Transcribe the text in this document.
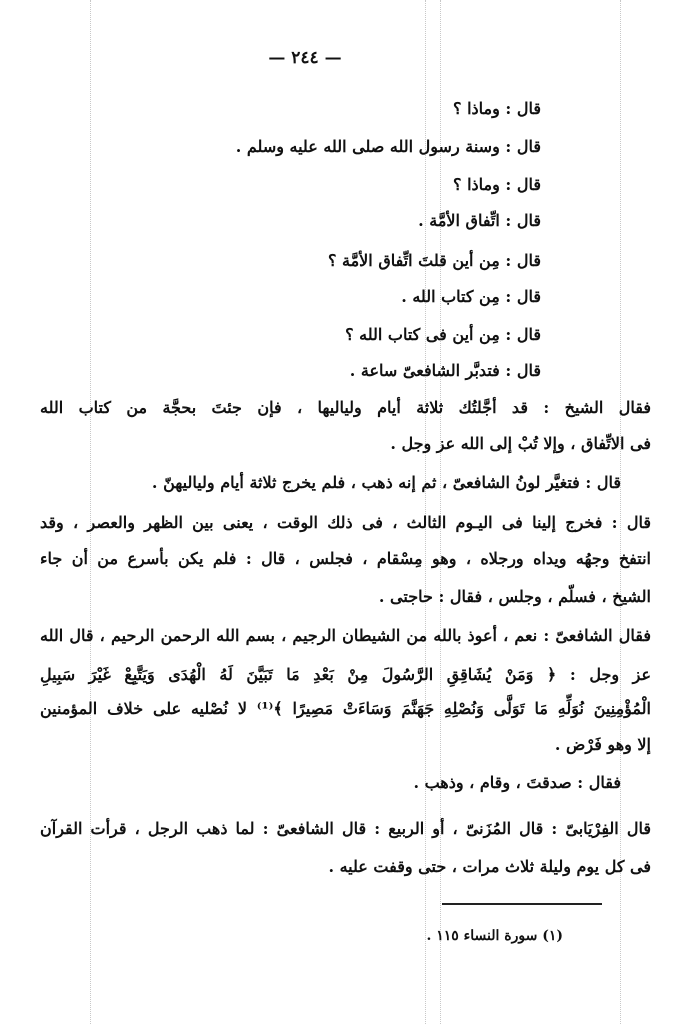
— ٢٤٤ —
قال : وماذا ؟
قال : وسنة رسول الله صلى الله عليه وسلم .
قال : وماذا ؟
قال : اتِّفاق الأمَّة .
قال : مِن أين قلتَ اتِّفاق الأمَّة ؟
قال : مِن كتاب الله .
قال : مِن أين فى كتاب الله ؟
قال : فتدبَّر الشافعىّ ساعة .
فقال الشيخ : قد أجَّلتُك ثلاثة أيام ولياليها ، فإن جئتَ بحجَّة من كتاب الله
فى الاتِّفاق ، وإلا تُبْ إلى الله عز وجل .
قال : فتغيَّر لونُ الشافعىّ ، ثم إنه ذهب ، فلم يخرج ثلاثة أيام ولياليهنّ .
قال : فخرج إلينا فى اليـوم الثالث ، فى ذلك الوقت ، يعنى بين الظهر والعصر ، وقد
انتفخ وجهُه ويداه ورجلاه ، وهو مِسْقام ، فجلس ، قال : فلم يكن بأسرع من أن جاء
الشيخ ، فسلّم ، وجلس ، فقال : حاجتى .
فقال الشافعىّ : نعم ، أعوذ بالله من الشيطان الرجيم ، بسم الله الرحمن الرحيم ، قال الله
عز وجل : ﴿ وَمَنْ يُشَاقِقِ الرَّسُولَ مِنْ بَعْدِ مَا تَبَيَّنَ لَهُ الْهُدَى وَيَتَّبِعْ غَيْرَ سَبِيلِ
الْمُؤْمِنِينَ نُوَلِّهِ مَا تَوَلَّى وَنُصْلِهِ جَهَنَّمَ وَسَاءَتْ مَصِيرًا ﴾⁽¹⁾ لا نُصْليه على خلاف المؤمنين
إلا وهو فَرْض .
فقال : صدقتَ ، وقام ، وذهب .
قال الفِرْيَابىّ : قال المُزَنىّ ، أو الربيع : قال الشافعىّ : لما ذهب الرجل ، قرأت القرآن
فى كل يوم وليلة ثلاث مرات ، حتى وقفت عليه .
(١) سورة النساء ١١٥ .
